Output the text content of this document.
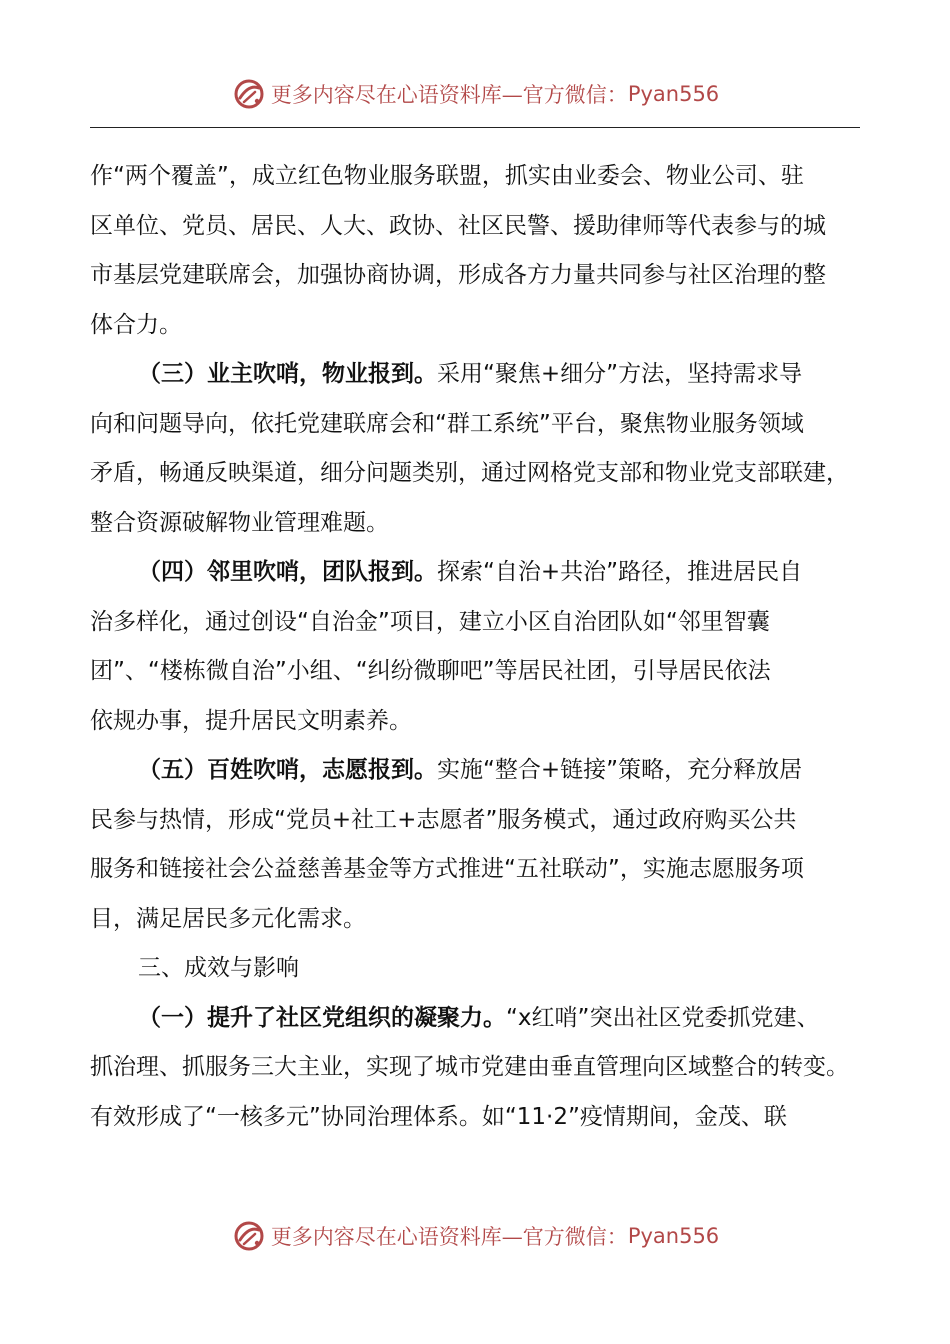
更多内容尽在心语资料库—官方微信： Pyan556
作“两个覆盖”，成立红色物业服务联盟，抓实由业委会、物业公司、驻
区单位、党员、居民、人大、政协、社区民警、援助律师等代表参与的城
市基层党建联席会，加强协商协调，形成各方力量共同参与社区治理的整
体合力。
（三）业主吹哨，物业报到。采用“聚焦+细分”方法，坚持需求导
向和问题导向，依托党建联席会和“群工系统”平台，聚焦物业服务领域
矛盾，畅通反映渠道，细分问题类别，通过网格党支部和物业党支部联建，
整合资源破解物业管理难题。
（四）邻里吹哨，团队报到。探索“自治+共治”路径，推进居民自
治多样化，通过创设“自治金”项目，建立小区自治团队如“邻里智囊
团”、“楼栋微自治”小组、“纠纷微聊吧”等居民社团，引导居民依法
依规办事，提升居民文明素养。
（五）百姓吹哨，志愿报到。实施“整合+链接”策略，充分释放居
民参与热情，形成“党员+社工+志愿者”服务模式，通过政府购买公共
服务和链接社会公益慈善基金等方式推进“五社联动”，实施志愿服务项
目，满足居民多元化需求。
三、成效与影响
（一）提升了社区党组织的凝聚力。“x红哨”突出社区党委抓党建、
抓治理、抓服务三大主业，实现了城市党建由垂直管理向区域整合的转变。
有效形成了“一核多元”协同治理体系。如“11·2”疫情期间，金茂、联
更多内容尽在心语资料库—官方微信： Pyan556
